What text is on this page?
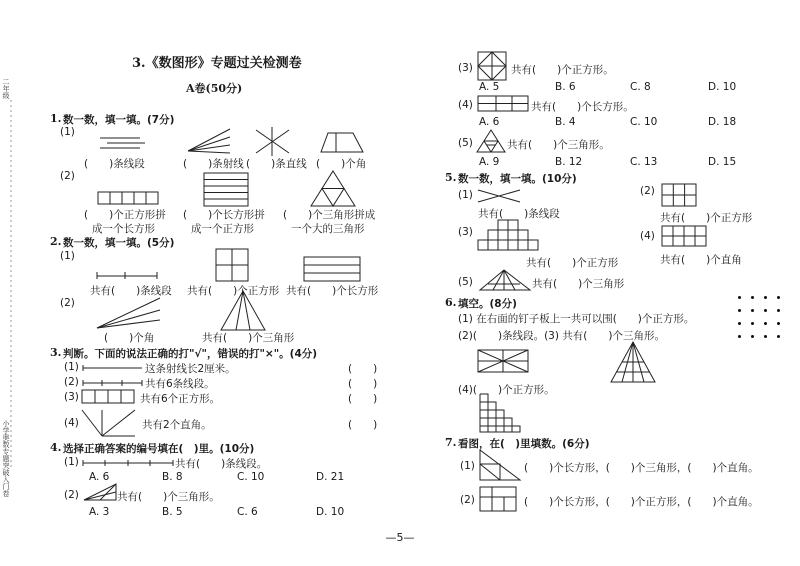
二年级
小学奥数专题突破入门卷
3.《数图形》专题过关检测卷
A卷(50分)
1. 数一数，填一填。(7分)
(1)
(　　)条线段	(　　)条射线 (　　)条直线 (　　)个角
(2)
(　　)个正方形拼
成一个长方形
(　　)个长方形拼
成一个正方形
(　　)个三角形拼成
一个大的三角形
2. 数一数，填一填。(5分)
(1)
共有(　　)条线段 共有(　　)个正方形 共有(　　)个长方形
(2)
(　　)个角	共有(　　)个三角形
3. 判断。下面的说法正确的打"√"，错误的打"×"。(4分)
(1)	这条射线长2厘米。	(　　)
(2)	共有6条线段。	(　　)
(3)	共有6个正方形。	(　　)
(4)	共有2个直角。	(　　)
4. 选择正确答案的编号填在(　)里。(10分)
(1)	共有(　　)条线段。
A. 6	B. 8	C. 10	D. 21
(2)	共有(　　)个三角形。
A. 3	B. 5	C. 6	D. 10
(3)	共有(　　)个正方形。
A. 5	B. 6	C. 8	D. 10
(4)	共有(　　)个长方形。
A. 6	B. 4	C. 10	D. 18
(5)	共有(　　)个三角形。
A. 9	B. 12	C. 13	D. 15
5. 数一数，填一填。(10分)
(1)
共有(　　)条线段
(2)
共有(　　)个正方形
(3)
共有(　　)个正方形
(4)
共有(　　)个直角
(5)	共有(　　)个三角形
6. 填空。(8分)
(1) 在右面的钉子板上一共可以围(　　)个正方形。
(2)(　　)条线段。(3) 共有(　　)个三角形。
(4)(　　)个正方形。
7. 看图，在(　)里填数。(6分)
(1)	(　　)个长方形，(　　)个三角形，(　　)个直角。
(2)	(　　)个长方形，(　　)个正方形，(　　)个直角。
—5—
